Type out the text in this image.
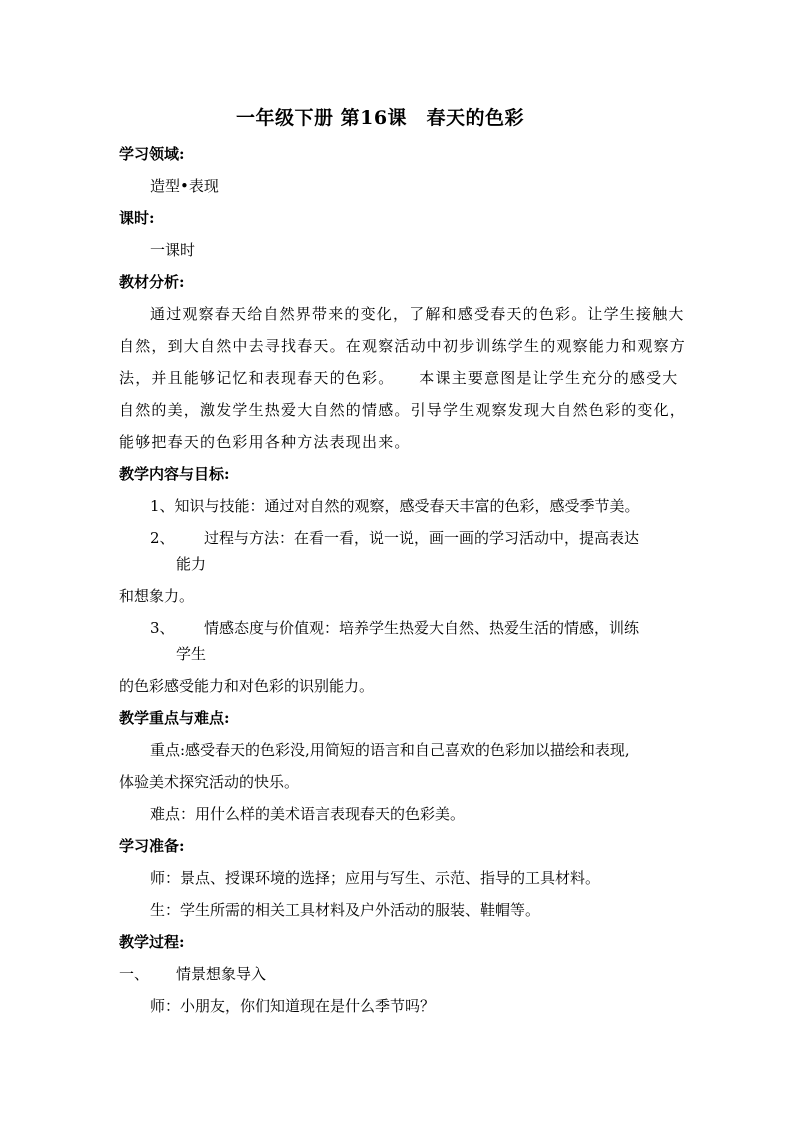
一年级下册 第16课　春天的色彩
学习领域:
造型•表现
课时:
一课时
教材分析:
通过观察春天给自然界带来的变化，了解和感受春天的色彩。让学生接触大
自然，到大自然中去寻找春天。在观察活动中初步训练学生的观察能力和观察方
法，并且能够记忆和表现春天的色彩。　　本课主要意图是让学生充分的感受大
自然的美，激发学生热爱大自然的情感。引导学生观察发现大自然色彩的变化，
能够把春天的色彩用各种方法表现出来。
教学内容与目标:
1、知识与技能：通过对自然的观察，感受春天丰富的色彩，感受季节美。
2、 过程与方法：在看一看，说一说，画一画的学习活动中，提高表达
能力
和想象力。
3、 情感态度与价值观：培养学生热爱大自然、热爱生活的情感，训练
学生
的色彩感受能力和对色彩的识别能力。
教学重点与难点:
重点:感受春天的色彩没,用简短的语言和自己喜欢的色彩加以描绘和表现,
体验美术探究活动的快乐。
难点：用什么样的美术语言表现春天的色彩美。
学习准备:
师：景点、授课环境的选择；应用与写生、示范、指导的工具材料。
生：学生所需的相关工具材料及户外活动的服装、鞋帽等。
教学过程:
一、 情景想象导入
师：小朋友，你们知道现在是什么季节吗？
